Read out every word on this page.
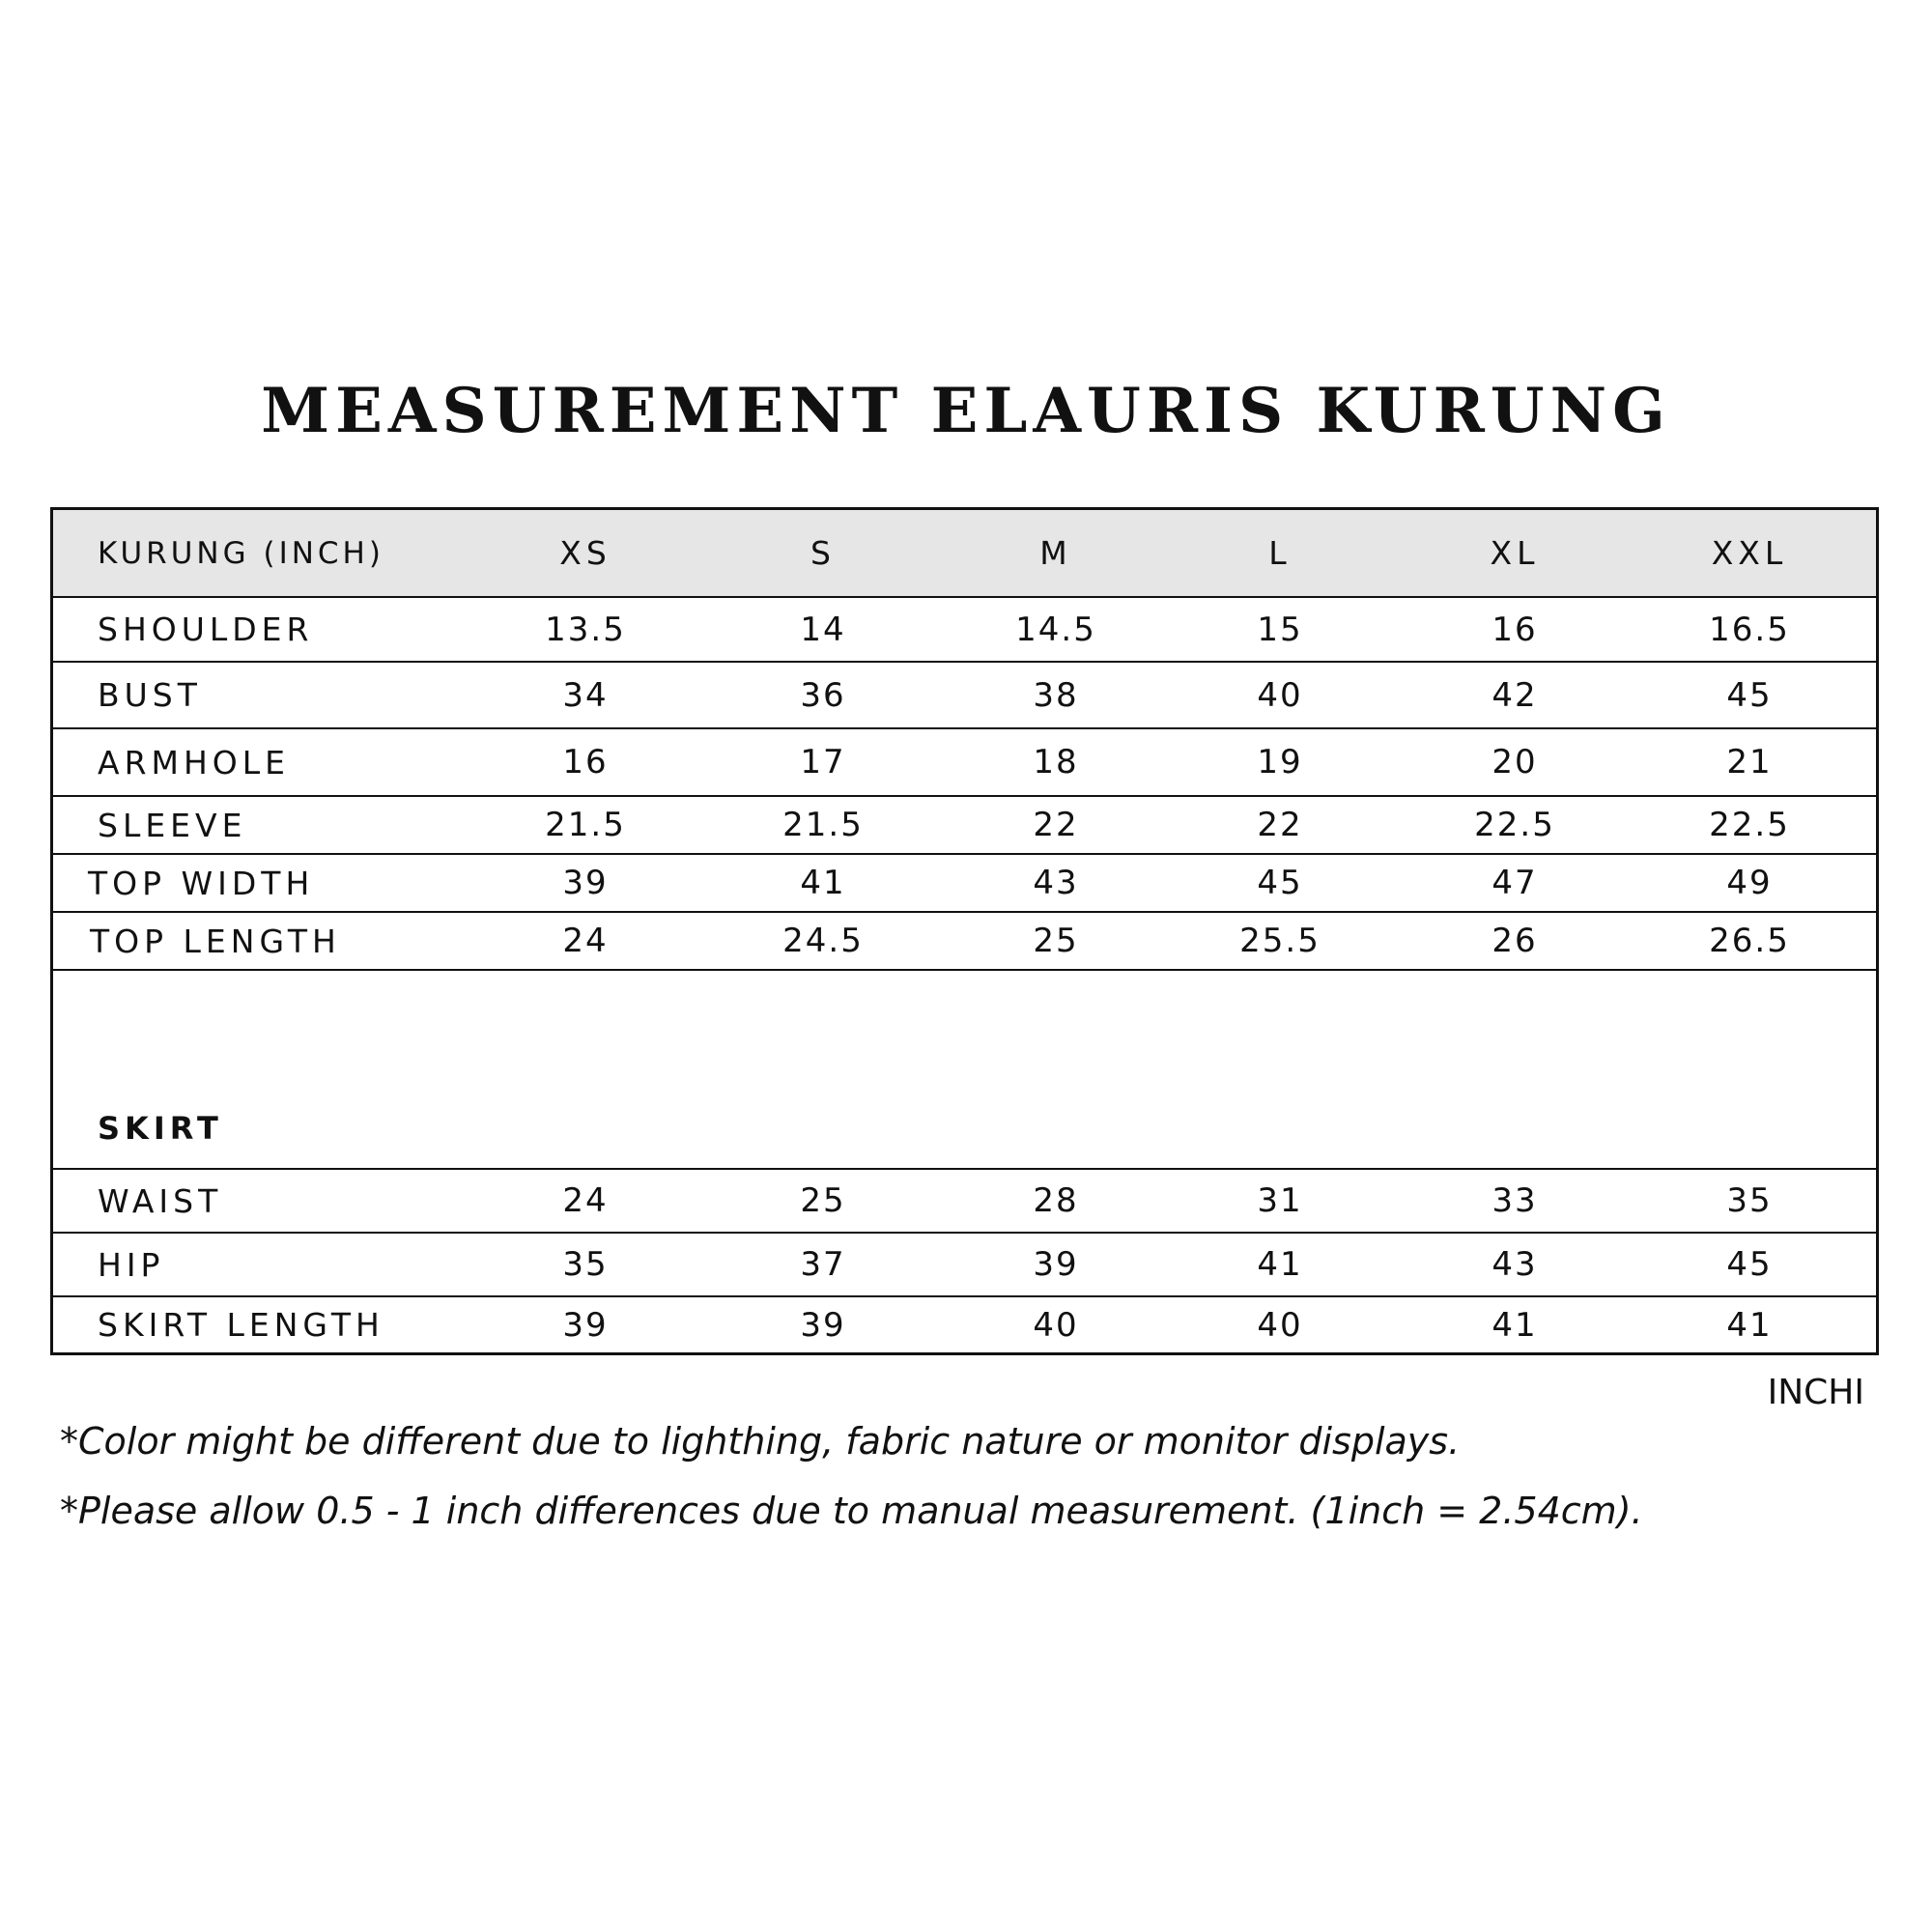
MEASUREMENT ELAURIS KURUNG
KURUNG (INCH)	XS	S	M	L	XL	XXL
SHOULDER	13.5	14	14.5	15	16	16.5
BUST	34	36	38	40	42	45
ARMHOLE	16	17	18	19	20	21
SLEEVE	21.5	21.5	22	22	22.5	22.5
TOP WIDTH	39	41	43	45	47	49
TOP LENGTH	24	24.5	25	25.5	26	26.5
SKIRT
WAIST	24	25	28	31	33	35
HIP	35	37	39	41	43	45
SKIRT LENGTH	39	39	40	40	41	41
INCHI
*Color might be different due to lighthing, fabric nature or monitor displays.
*Please allow 0.5 - 1 inch differences due to manual measurement. (1inch = 2.54cm).
